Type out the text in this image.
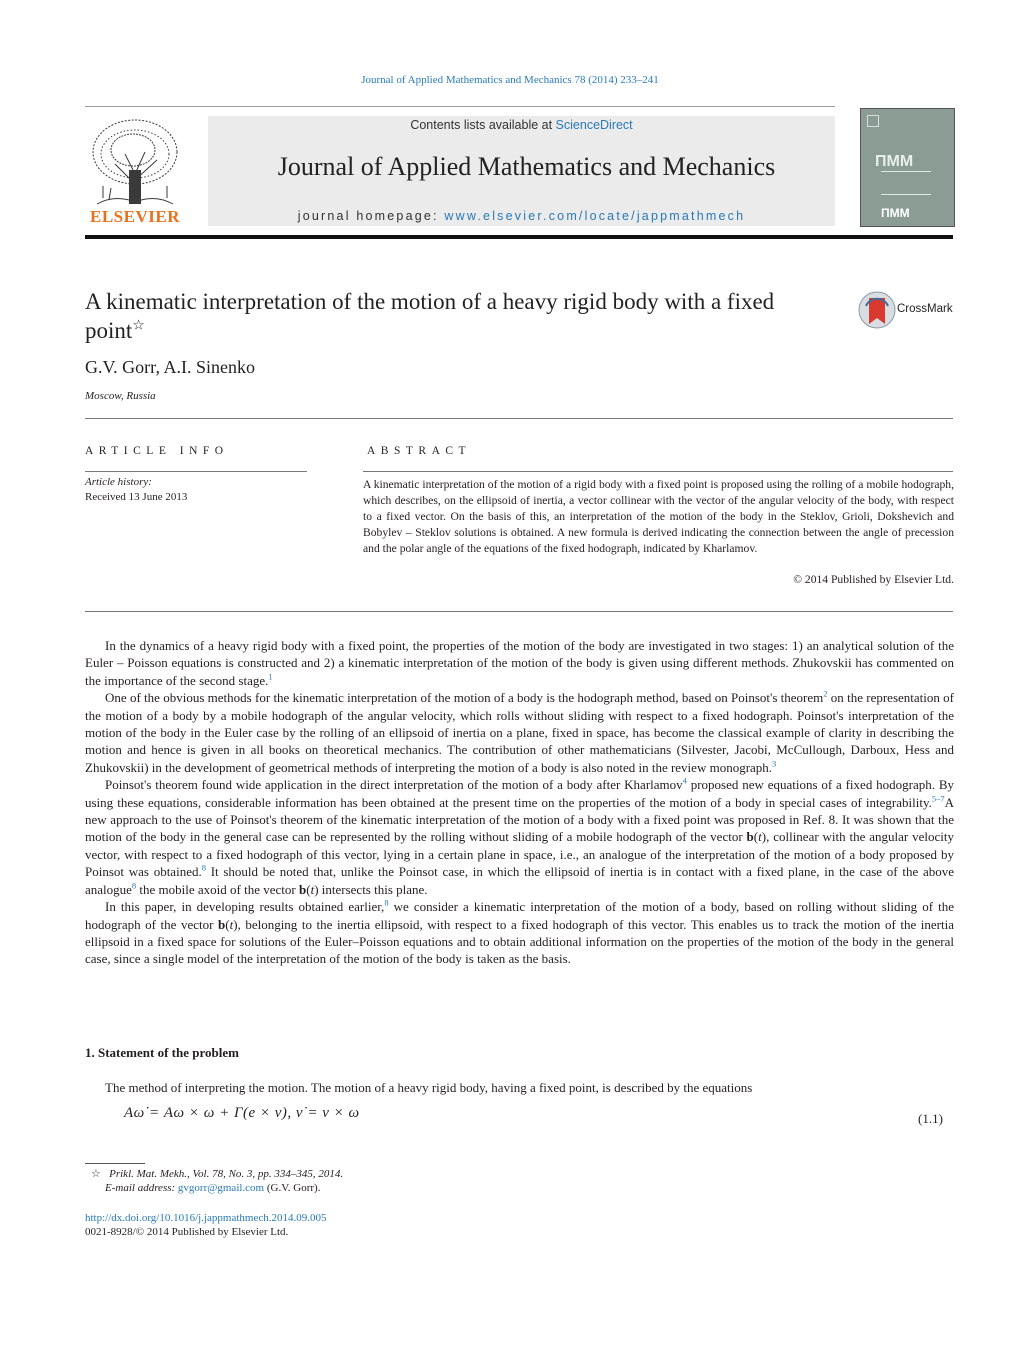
Journal of Applied Mathematics and Mechanics 78 (2014) 233–241
ELSEVIER
Contents lists available at ScienceDirect
Journal of Applied Mathematics and Mechanics
journal homepage: www.elsevier.com/locate/jappmathmech
ПММ
ПММ
A kinematic interpretation of the motion of a heavy rigid body with a fixed point☆
CrossMark
G.V. Gorr, A.I. Sinenko
Moscow, Russia
ARTICLE INFO	ABSTRACT
Article history:
Received 13 June 2013
A kinematic interpretation of the motion of a rigid body with a fixed point is proposed using the rolling of a mobile hodograph, which describes, on the ellipsoid of inertia, a vector collinear with the vector of the angular velocity of the body, with respect to a fixed vector. On the basis of this, an interpretation of the motion of the body in the Steklov, Grioli, Dokshevich and Bobylev – Steklov solutions is obtained. A new formula is derived indicating the connection between the angle of precession and the polar angle of the equations of the fixed hodograph, indicated by Kharlamov.
© 2014 Published by Elsevier Ltd.

In the dynamics of a heavy rigid body with a fixed point, the properties of the motion of the body are investigated in two stages: 1) an analytical solution of the Euler – Poisson equations is constructed and 2) a kinematic interpretation of the motion of the body is given using different methods. Zhukovskii has commented on the importance of the second stage.$^1$

One of the obvious methods for the kinematic interpretation of the motion of a body is the hodograph method, based on Poinsot's theorem$^2$ on the representation of the motion of a body by a mobile hodograph of the angular velocity, which rolls without sliding with respect to a fixed hodograph. Poinsot's interpretation of the motion of the body in the Euler case by the rolling of an ellipsoid of inertia on a plane, fixed in space, has become the classical example of clarity in describing the motion and hence is given in all books on theoretical mechanics. The contribution of other mathematicians (Silvester, Jacobi, McCullough, Darboux, Hess and Zhukovskii) in the development of geometrical methods of interpreting the motion of a body is also noted in the review monograph.$^3$

Poinsot's theorem found wide application in the direct interpretation of the motion of a body after Kharlamov$^4$ proposed new equations of a fixed hodograph. By using these equations, considerable information has been obtained at the present time on the properties of the motion of a body in special cases of integrability.$^{5-7}$A new approach to the use of Poinsot's theorem of the kinematic interpretation of the motion of a body with a fixed point was proposed in Ref. 8. It was shown that the motion of the body in the general case can be represented by the rolling without sliding of a mobile hodograph of the vector b(t), collinear with the angular velocity vector, with respect to a fixed hodograph of this vector, lying in a certain plane in space, i.e., an analogue of the interpretation of the motion of a body proposed by Poinsot was obtained.$^8$ It should be noted that, unlike the Poinsot case, in which the ellipsoid of inertia is in contact with a fixed plane, in the case of the above analogue$^8$ the mobile axoid of the vector b(t) intersects this plane.

In this paper, in developing results obtained earlier,$^8$ we consider a kinematic interpretation of the motion of a body, based on rolling without sliding of the hodograph of the vector b(t), belonging to the inertia ellipsoid, with respect to a fixed hodograph of this vector. This enables us to track the motion of the inertia ellipsoid in a fixed space for solutions of the Euler–Poisson equations and to obtain additional information on the properties of the motion of the body in the general case, since a single model of the interpretation of the motion of the body is taken as the basis.

1. Statement of the problem
The method of interpreting the motion. The motion of a heavy rigid body, having a fixed point, is described by the equations
Aω̇ = Aω × ω + Γ(e × ν), ν̇ = ν × ω	(1.1)
☆ Prikl. Mat. Mekh., Vol. 78, No. 3, pp. 334–345, 2014.
E-mail address: gvgorr@gmail.com (G.V. Gorr).
http://dx.doi.org/10.1016/j.jappmathmech.2014.09.005
0021-8928/© 2014 Published by Elsevier Ltd.
